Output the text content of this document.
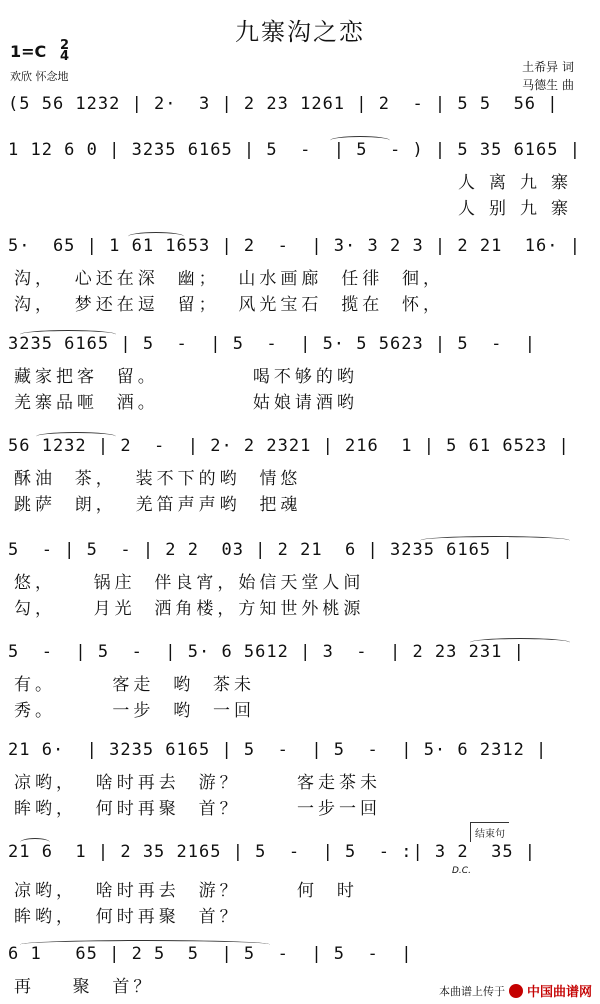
九寨沟之恋
1=C 2
4
欢欣 怀念地
土希异 词
马德生 曲
(5 56 1232 | 2·  3 | 2 23 1261 | 2  - | 5 5  56 |
1 12 6 0 | 3235 6165 | 5  -  | 5  - ) | 5 35 6165 |
人离九寨
人别九寨
5·  65 | 1 61 1653 | 2  -  | 3· 3 2 3 | 2 21  16· |
沟，  心还在深  幽；  山水画廊  任徘  徊，
沟，  梦还在逗  留；  风光宝石  揽在  怀，
3235 6165 | 5  -  | 5  -  | 5· 5 5623 | 5  -  |
藏家把客  留。          喝不够的哟
羌寨品咂  酒。          姑娘请酒哟
56 1232 | 2  -  | 2· 2 2321 | 216  1 | 5 61 6523 |
酥油  茶，  装不下的哟  情悠
跳萨  朗，  羌笛声声哟  把魂
5  - | 5  - | 2 2  03 | 2 21  6 | 3235 6165 |
悠，    锅庄  伴良宵，始信天堂人间
勾，    月光  洒角楼，方知世外桃源
5  -  | 5  -  | 5· 6 5612 | 3  -  | 2 23 231 |
有。      客走  哟  茶未
秀。      一步  哟  一回
21 6·  | 3235 6165 | 5  -  | 5  -  | 5· 6 2312 |
凉哟，  啥时再去  游？      客走茶未
眸哟，  何时再聚  首？      一步一回
结束句
21 6  1 | 2 35 2165 | 5  -  | 5  - :| 3 2  35 |
D.C.
凉哟，  啥时再去  游？      何  时
眸哟，  何时再聚  首？
6 1   65 | 2 5  5  | 5  -  | 5  -  |
再    聚  首？	本曲谱上传于 中国曲谱网
